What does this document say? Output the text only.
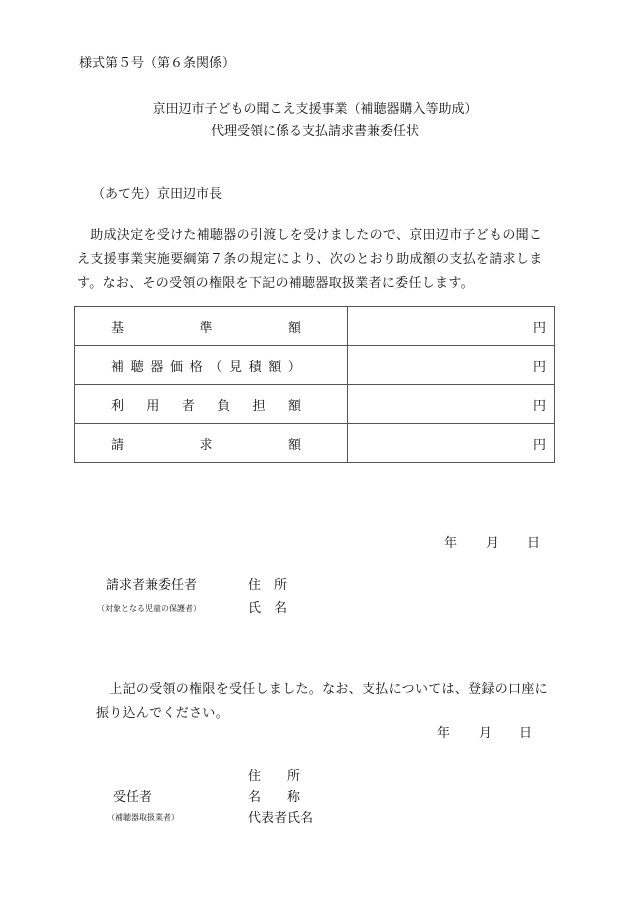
様式第５号（第６条関係）
京田辺市子どもの聞こえ支援事業（補聴器購入等助成）
代理受領に係る支払請求書兼委任状
（あて先）京田辺市長
　助成決定を受けた補聴器の引渡しを受けましたので、京田辺市子どもの聞こ
え支援事業実施要綱第７条の規定により、次のとおり助成額の支払を請求しま
す。なお、その受領の権限を下記の補聴器取扱業者に委任します。
基 準 額	円

補 聴 器 価 格 （ 見 積 額 ）	円

利 用 者 負 担 額	円

請 求 額	円
年 月 日
請求者兼委任者
（対象となる児童の保護者）
住　所
氏　名
　上記の受領の権限を受任しました。なお、支払については、登録の口座に
振り込んでください。
年 月 日
住　　所
受任者	名　　称
（補聴器取扱業者）	代表者氏名
